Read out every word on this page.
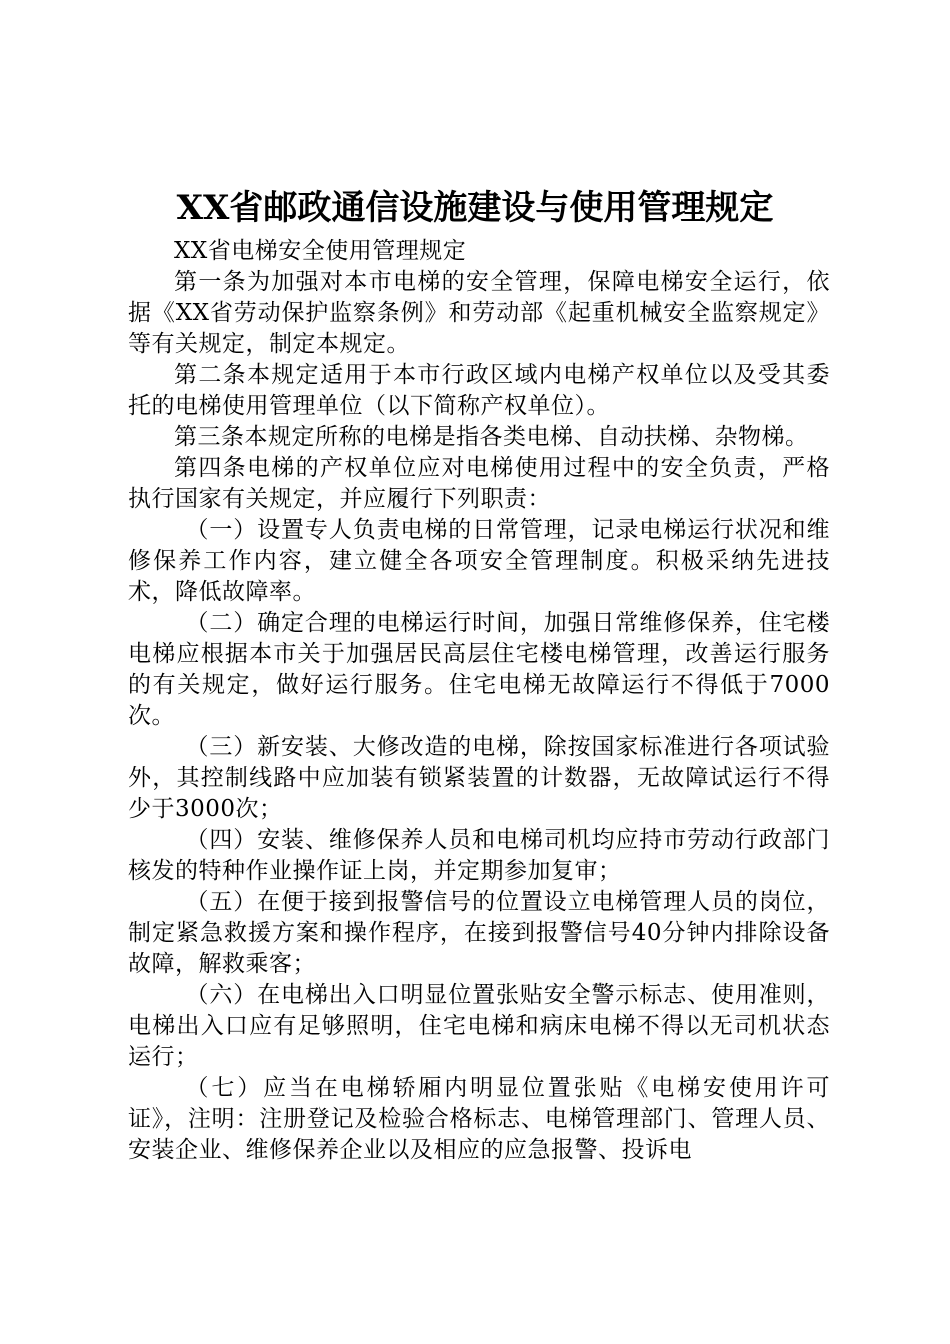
XX省邮政通信设施建设与使用管理规定

XX省电梯安全使用管理规定

第一条为加强对本市电梯的安全管理，保障电梯安全运行，依据《XX省劳动保护监察条例》和劳动部《起重机械安全监察规定》等有关规定，制定本规定。

第二条本规定适用于本市行政区域内电梯产权单位以及受其委托的电梯使用管理单位（以下简称产权单位）。

第三条本规定所称的电梯是指各类电梯、自动扶梯、杂物梯。

第四条电梯的产权单位应对电梯使用过程中的安全负责，严格执行国家有关规定，并应履行下列职责：

（一）设置专人负责电梯的日常管理，记录电梯运行状况和维修保养工作内容，建立健全各项安全管理制度。积极采纳先进技术，降低故障率。

（二）确定合理的电梯运行时间，加强日常维修保养，住宅楼电梯应根据本市关于加强居民高层住宅楼电梯管理，改善运行服务的有关规定，做好运行服务。住宅电梯无故障运行不得低于7000次。

（三）新安装、大修改造的电梯，除按国家标准进行各项试验外，其控制线路中应加装有锁紧装置的计数器，无故障试运行不得少于3000次；

（四）安装、维修保养人员和电梯司机均应持市劳动行政部门核发的特种作业操作证上岗，并定期参加复审；

（五）在便于接到报警信号的位置设立电梯管理人员的岗位，制定紧急救援方案和操作程序，在接到报警信号40分钟内排除设备故障，解救乘客；

（六）在电梯出入口明显位置张贴安全警示标志、使用准则，电梯出入口应有足够照明，住宅电梯和病床电梯不得以无司机状态运行；

（七）应当在电梯轿厢内明显位置张贴《电梯安使用许可证》，注明：注册登记及检验合格标志、电梯管理部门、管理人员、安装企业、维修保养企业以及相应的应急报警、投诉电
